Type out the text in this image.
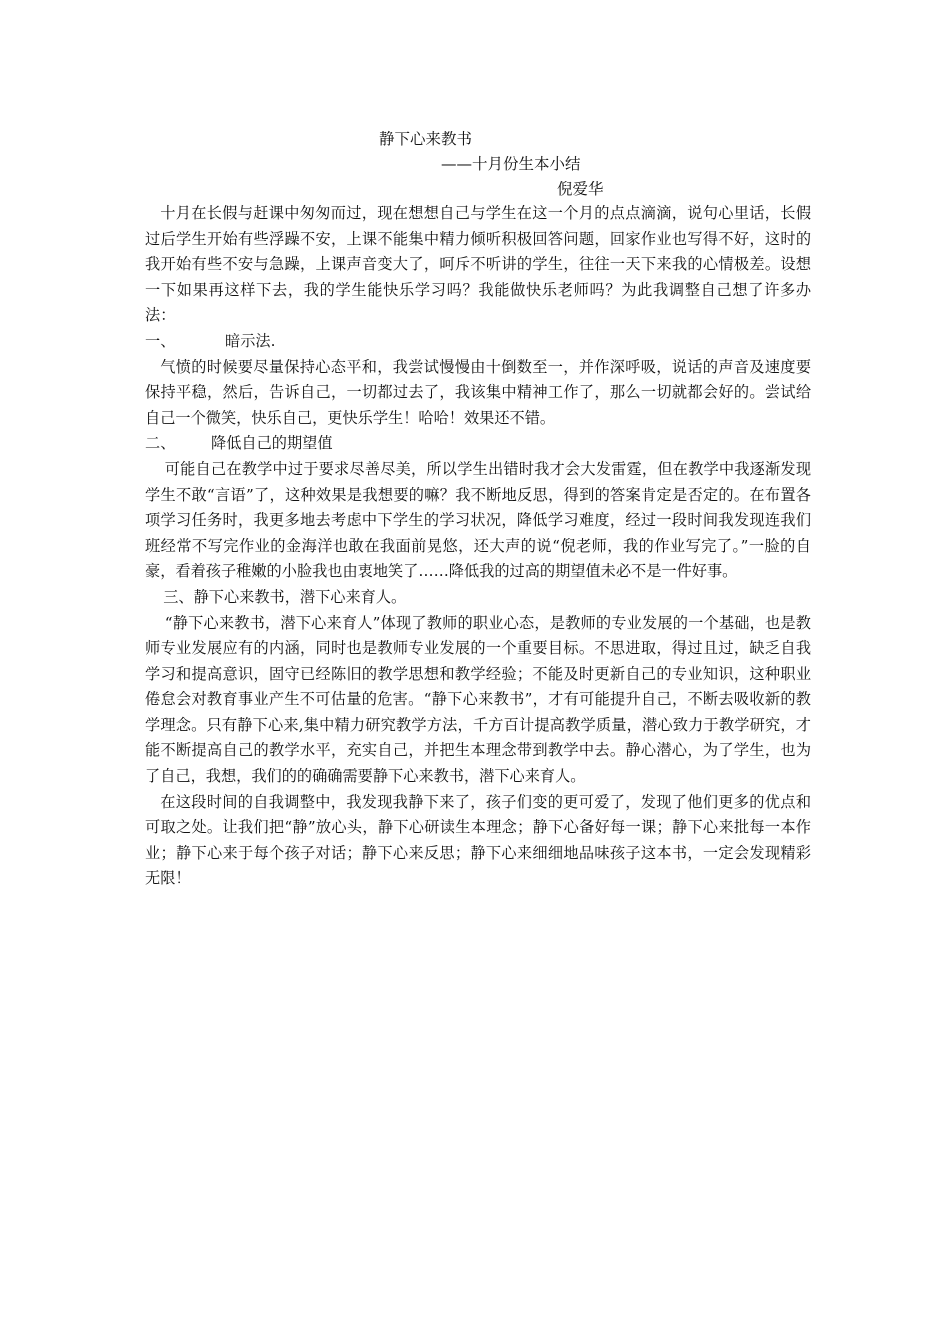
静下心来教书
——十月份生本小结
倪爱华

十月在长假与赶课中匆匆而过，现在想想自己与学生在这一个月的点点滴滴，说句心里话，长假过后学生开始有些浮躁不安，上课不能集中精力倾听积极回答问题，回家作业也写得不好，这时的我开始有些不安与急躁，上课声音变大了，呵斥不听讲的学生，往往一天下来我的心情极差。设想一下如果再这样下去，我的学生能快乐学习吗？我能做快乐老师吗？为此我调整自己想了许多办法：

一、	暗示法.

气愤的时候要尽量保持心态平和，我尝试慢慢由十倒数至一，并作深呼吸，说话的声音及速度要保持平稳，然后，告诉自己，一切都过去了，我该集中精神工作了，那么一切就都会好的。尝试给自己一个微笑，快乐自己，更快乐学生！哈哈！效果还不错。

二、	降低自己的期望值

可能自己在教学中过于要求尽善尽美，所以学生出错时我才会大发雷霆，但在教学中我逐渐发现学生不敢“言语”了，这种效果是我想要的嘛？我不断地反思，得到的答案肯定是否定的。在布置各项学习任务时，我更多地去考虑中下学生的学习状况，降低学习难度，经过一段时间我发现连我们班经常不写完作业的金海洋也敢在我面前晃悠，还大声的说“倪老师，我的作业写完了。”一脸的自豪，看着孩子稚嫩的小脸我也由衷地笑了……降低我的过高的期望值未必不是一件好事。

三、静下心来教书，潜下心来育人。

“静下心来教书，潜下心来育人”体现了教师的职业心态，是教师的专业发展的一个基础，也是教师专业发展应有的内涵，同时也是教师专业发展的一个重要目标。不思进取，得过且过，缺乏自我学习和提高意识，固守已经陈旧的教学思想和教学经验；不能及时更新自己的专业知识，这种职业倦怠会对教育事业产生不可估量的危害。“静下心来教书”，才有可能提升自己，不断去吸收新的教学理念。只有静下心来,集中精力研究教学方法，千方百计提高教学质量，潜心致力于教学研究，才能不断提高自己的教学水平，充实自己，并把生本理念带到教学中去。静心潜心，为了学生，也为了自己，我想，我们的的确确需要静下心来教书，潜下心来育人。

在这段时间的自我调整中，我发现我静下来了，孩子们变的更可爱了，发现了他们更多的优点和可取之处。让我们把“静”放心头，静下心研读生本理念；静下心备好每一课；静下心来批每一本作业；静下心来于每个孩子对话；静下心来反思；静下心来细细地品味孩子这本书，一定会发现精彩无限！
